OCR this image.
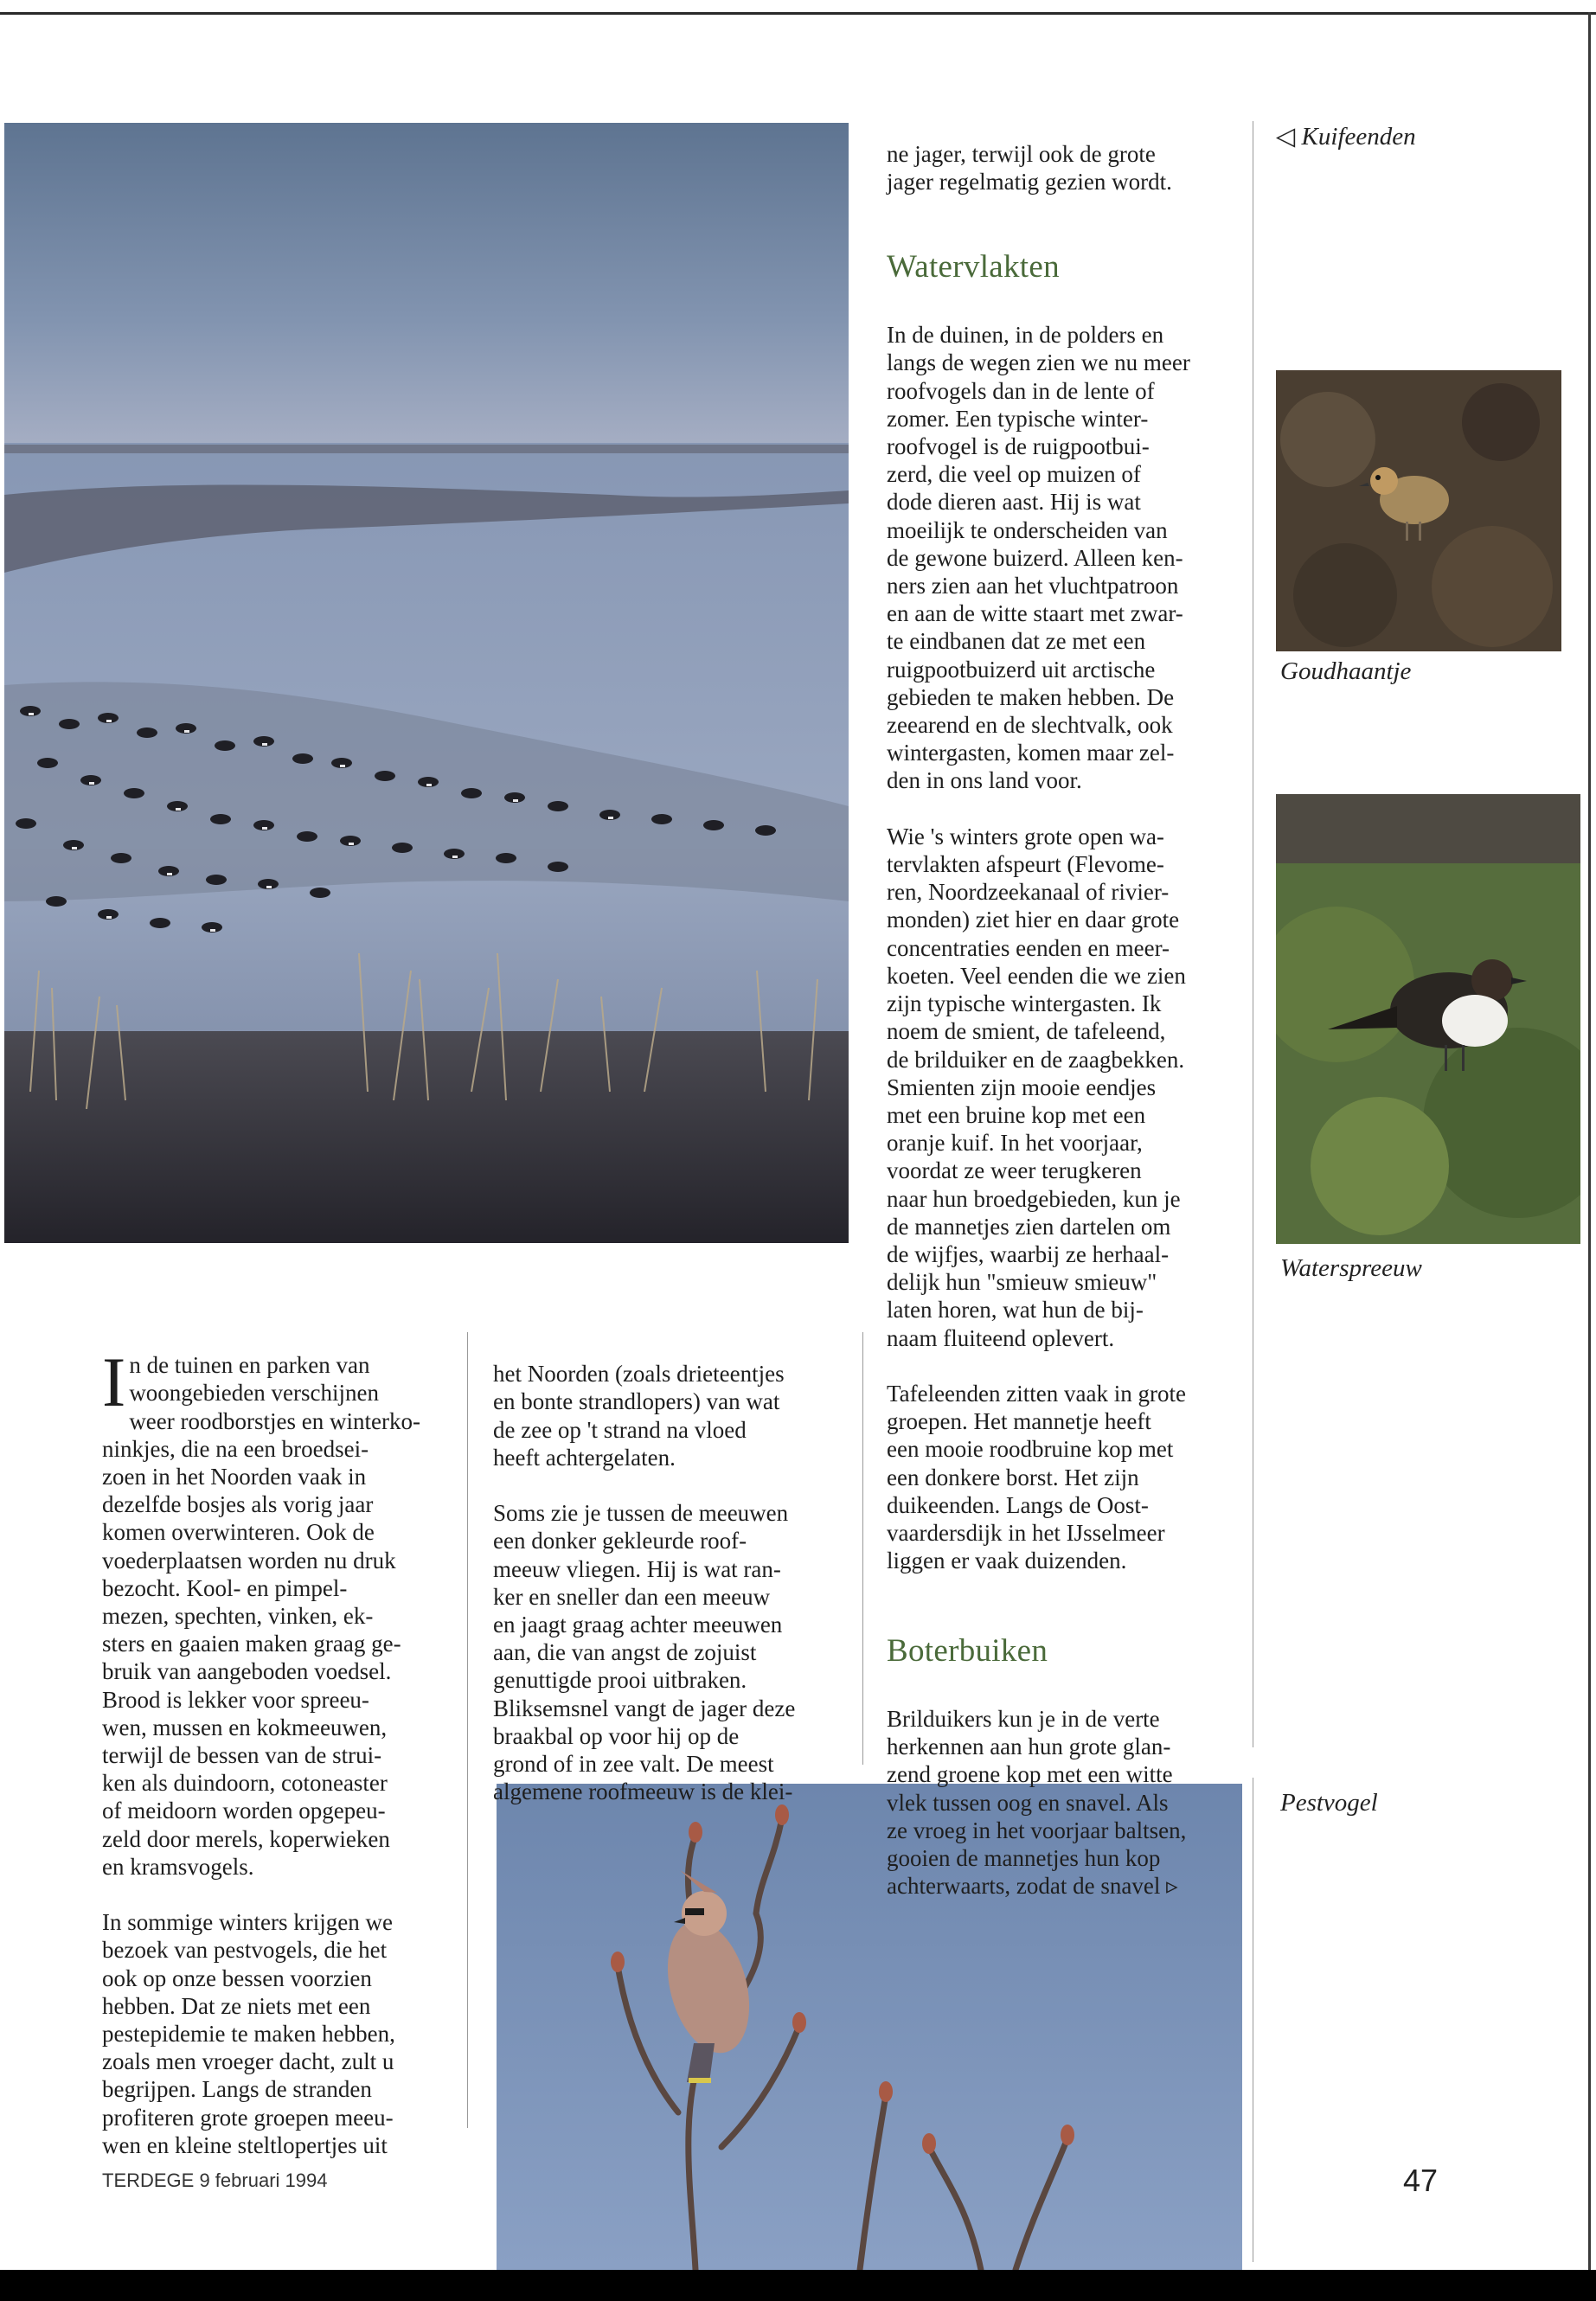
◁ Kuifeenden
Goudhaantje
Waterspreeuw
Pestvogel

I n de tuinen en parken van
woongebieden verschijnen
weer roodborstjes en winterko-
ninkjes, die na een broedsei-
zoen in het Noorden vaak in
dezelfde bosjes als vorig jaar
komen overwinteren. Ook de
voederplaatsen worden nu druk
bezocht. Kool- en pimpel-
mezen, spechten, vinken, ek-
sters en gaaien maken graag ge-
bruik van aangeboden voedsel.
Brood is lekker voor spreeu-
wen, mussen en kokmeeuwen,
terwijl de bessen van de strui-
ken als duindoorn, cotoneaster
of meidoorn worden opgepeu-
zeld door merels, koperwieken
en kramsvogels.

In sommige winters krijgen we
bezoek van pestvogels, die het
ook op onze bessen voorzien
hebben. Dat ze niets met een
pestepidemie te maken hebben,
zoals men vroeger dacht, zult u
begrijpen. Langs de stranden
profiteren grote groepen meeu-
wen en kleine steltlopertjes uit

het Noorden (zoals drieteentjes
en bonte strandlopers) van wat
de zee op 't strand na vloed
heeft achtergelaten.

Soms zie je tussen de meeuwen
een donker gekleurde roof-
meeuw vliegen. Hij is wat ran-
ker en sneller dan een meeuw
en jaagt graag achter meeuwen
aan, die van angst de zojuist
genuttigde prooi uitbraken.
Bliksemsnel vangt de jager deze
braakbal op voor hij op de
grond of in zee valt. De meest
algemene roofmeeuw is de klei-

ne jager, terwijl ook de grote
jager regelmatig gezien wordt.

Watervlakten

In de duinen, in de polders en
langs de wegen zien we nu meer
roofvogels dan in de lente of
zomer. Een typische winter-
roofvogel is de ruigpootbui-
zerd, die veel op muizen of
dode dieren aast. Hij is wat
moeilijk te onderscheiden van
de gewone buizerd. Alleen ken-
ners zien aan het vluchtpatroon
en aan de witte staart met zwar-
te eindbanen dat ze met een
ruigpootbuizerd uit arctische
gebieden te maken hebben. De
zeearend en de slechtvalk, ook
wintergasten, komen maar zel-
den in ons land voor.

Wie 's winters grote open wa-
tervlakten afspeurt (Flevome-
ren, Noordzeekanaal of rivier-
monden) ziet hier en daar grote
concentraties eenden en meer-
koeten. Veel eenden die we zien
zijn typische wintergasten. Ik
noem de smient, de tafeleend,
de brilduiker en de zaagbekken.
Smienten zijn mooie eendjes
met een bruine kop met een
oranje kuif. In het voorjaar,
voordat ze weer terugkeren
naar hun broedgebieden, kun je
de mannetjes zien dartelen om
de wijfjes, waarbij ze herhaal-
delijk hun "smieuw smieuw"
laten horen, wat hun de bij-
naam fluiteend oplevert.

Tafeleenden zitten vaak in grote
groepen. Het mannetje heeft
een mooie roodbruine kop met
een donkere borst. Het zijn
duikeenden. Langs de Oost-
vaardersdijk in het IJsselmeer
liggen er vaak duizenden.

Boterbuiken

Brilduikers kun je in de verte
herkennen aan hun grote glan-
zend groene kop met een witte
vlek tussen oog en snavel. Als
ze vroeg in het voorjaar baltsen,
gooien de mannetjes hun kop
achterwaarts, zodat de snavel ▹

TERDEGE 9 februari 1994	47
